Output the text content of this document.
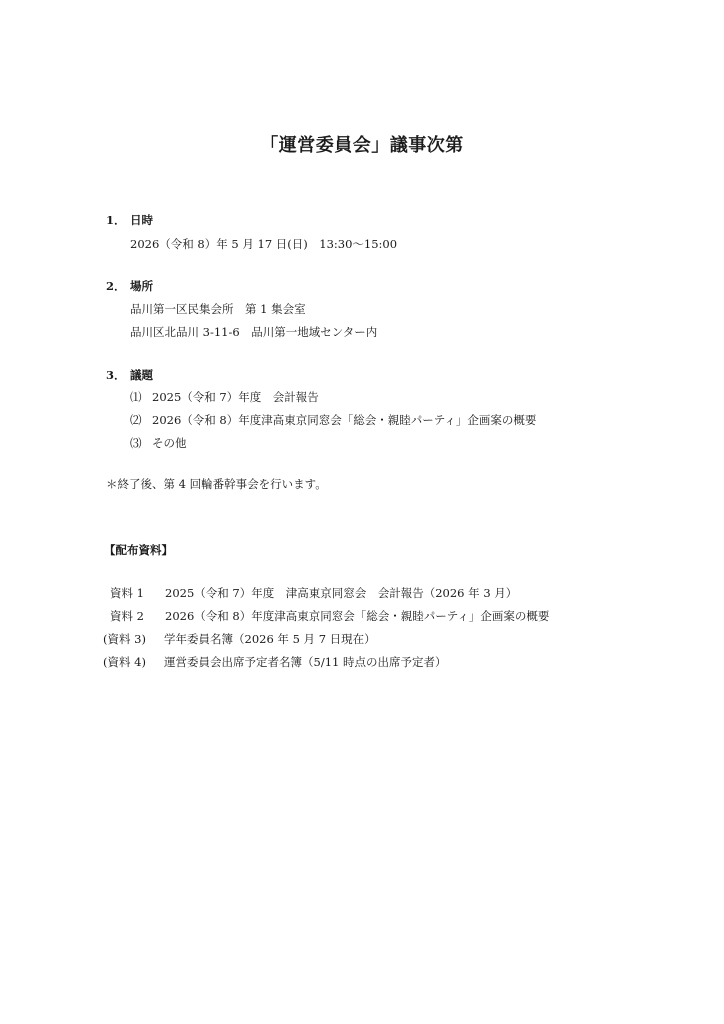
「運営委員会」議事次第
1． 日時
2026（令和 8）年 5 月 17 日(日)　13:30～15:00
2． 場所
品川第一区民集会所　第 1 集会室
品川区北品川 3-11-6　品川第一地域センター内
3． 議題
⑴ 2025（令和 7）年度　会計報告
⑵ 2026（令和 8）年度津高東京同窓会「総会・親睦パーティ」企画案の概要
⑶ その他
＊終了後、第 4 回輪番幹事会を行います。
【配布資料】
資料 1 2025（令和 7）年度　津高東京同窓会　会計報告（2026 年 3 月）
資料 2 2026（令和 8）年度津高東京同窓会「総会・親睦パーティ」企画案の概要
(資料 3) 学年委員名簿（2026 年 5 月 7 日現在）
(資料 4) 運営委員会出席予定者名簿（5/11 時点の出席予定者）
